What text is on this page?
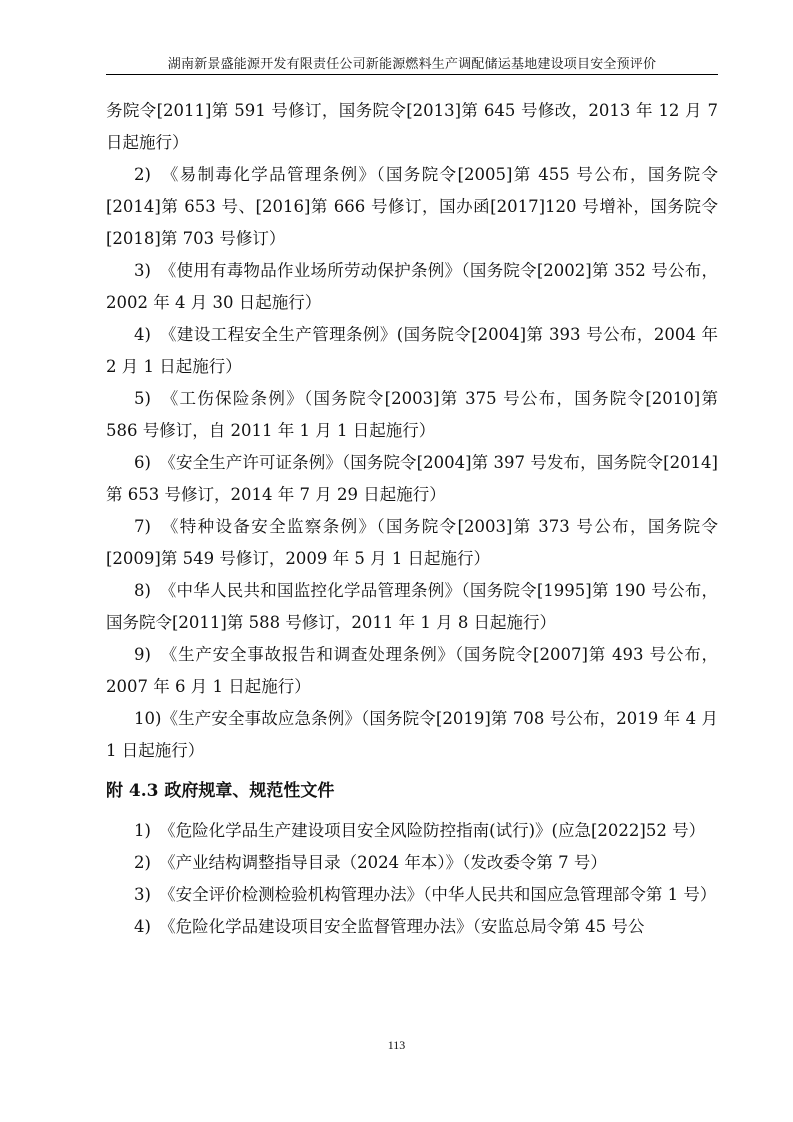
湖南新景盛能源开发有限责任公司新能源燃料生产调配储运基地建设项目安全预评价

务院令[2011]第 591 号修订，国务院令[2013]第 645 号修改，2013 年 12 月 7 日起施行）

2)　《易制毒化学品管理条例》（国务院令[2005]第 455 号公布，国务院令[2014]第 653 号、[2016]第 666 号修订，国办函[2017]120 号增补，国务院令[2018]第 703 号修订）

3)　《使用有毒物品作业场所劳动保护条例》（国务院令[2002]第 352 号公布，2002 年 4 月 30 日起施行）

4)　《建设工程安全生产管理条例》(国务院令[2004]第 393 号公布，2004 年 2 月 1 日起施行）

5)　《工伤保险条例》（国务院令[2003]第 375 号公布，国务院令[2010]第 586 号修订，自 2011 年 1 月 1 日起施行）

6)　《安全生产许可证条例》（国务院令[2004]第 397 号发布，国务院令[2014]第 653 号修订，2014 年 7 月 29 日起施行）

7)　《特种设备安全监察条例》（国务院令[2003]第 373 号公布，国务院令[2009]第 549 号修订，2009 年 5 月 1 日起施行）

8)　《中华人民共和国监控化学品管理条例》（国务院令[1995]第 190 号公布，国务院令[2011]第 588 号修订，2011 年 1 月 8 日起施行）

9)　《生产安全事故报告和调查处理条例》（国务院令[2007]第 493 号公布，2007 年 6 月 1 日起施行）

10)《生产安全事故应急条例》（国务院令[2019]第 708 号公布，2019 年 4 月 1 日起施行）

附 4.3 政府规章、规范性文件

1)　《危险化学品生产建设项目安全风险防控指南(试行)》(应急[2022]52 号）

2)　《产业结构调整指导目录（2024 年本）》（发改委令第 7 号）

3)　《安全评价检测检验机构管理办法》（中华人民共和国应急管理部令第 1 号）

4)　《危险化学品建设项目安全监督管理办法》（安监总局令第 45 号公

113
